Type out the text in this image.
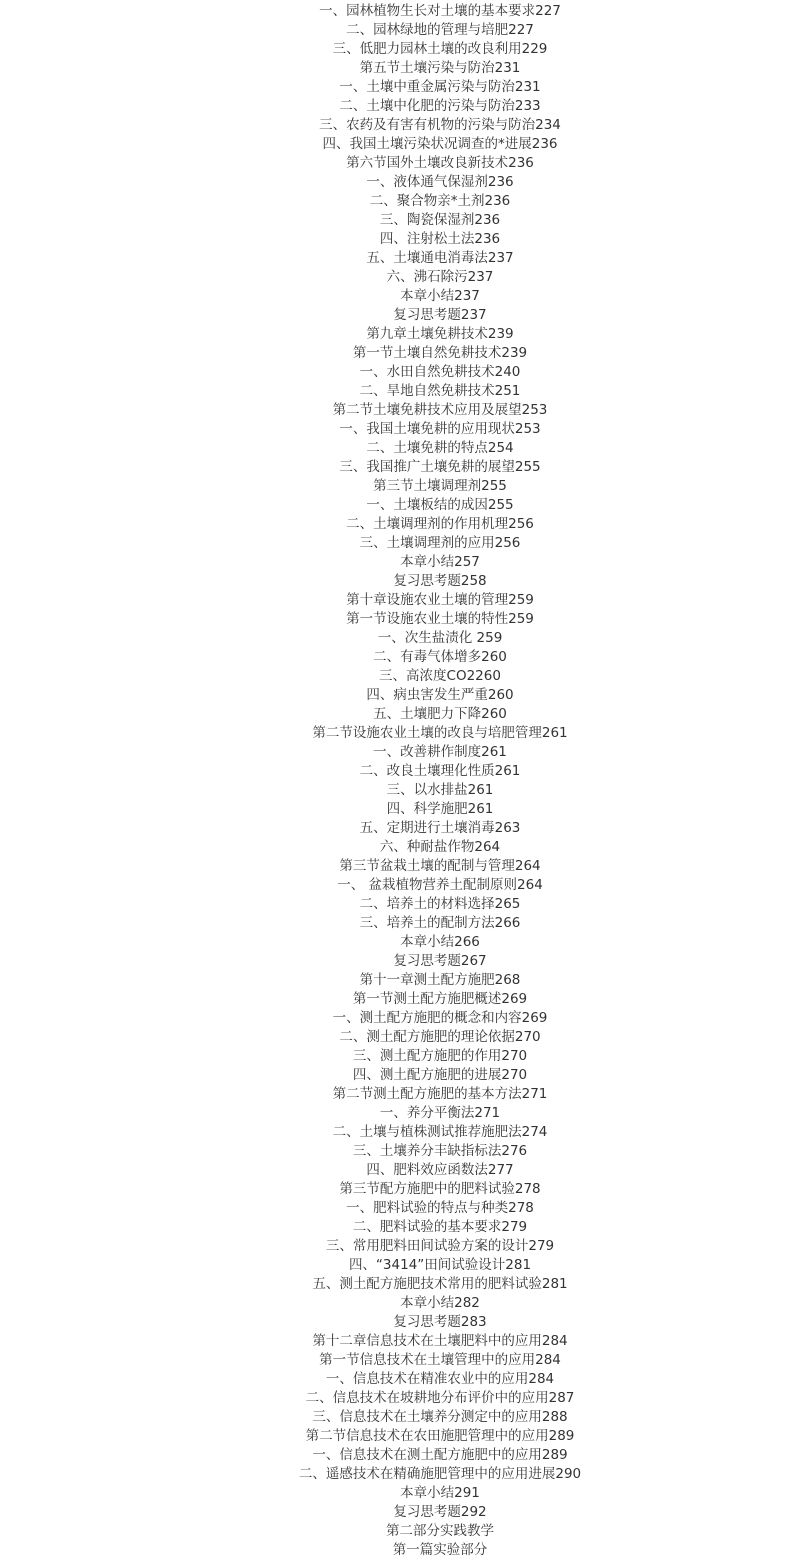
一、园林植物生长对土壤的基本要求227
二、园林绿地的管理与培肥227
三、低肥力园林土壤的改良利用229
第五节土壤污染与防治231
一、土壤中重金属污染与防治231
二、土壤中化肥的污染与防治233
三、农药及有害有机物的污染与防治234
四、我国土壤污染状况调查的*进展236
第六节国外土壤改良新技术236
一、液体通气保湿剂236
二、聚合物亲*土剂236
三、陶瓷保湿剂236
四、注射松土法236
五、土壤通电消毒法237
六、沸石除污237
本章小结237
复习思考题237
第九章土壤免耕技术239
第一节土壤自然免耕技术239
一、水田自然免耕技术240
二、旱地自然免耕技术251
第二节土壤免耕技术应用及展望253
一、我国土壤免耕的应用现状253
二、土壤免耕的特点254
三、我国推广土壤免耕的展望255
第三节土壤调理剂255
一、土壤板结的成因255
二、土壤调理剂的作用机理256
三、土壤调理剂的应用256
本章小结257
复习思考题258
第十章设施农业土壤的管理259
第一节设施农业土壤的特性259
一、次生盐渍化 259
二、有毒气体增多260
三、高浓度CO2260
四、病虫害发生严重260
五、土壤肥力下降260
第二节设施农业土壤的改良与培肥管理261
一、改善耕作制度261
二、改良土壤理化性质261
三、以水排盐261
四、科学施肥261
五、定期进行土壤消毒263
六、种耐盐作物264
第三节盆栽土壤的配制与管理264
一、 盆栽植物营养土配制原则264
二、培养土的材料选择265
三、培养土的配制方法266
本章小结266
复习思考题267
第十一章测土配方施肥268
第一节测土配方施肥概述269
一、测土配方施肥的概念和内容269
二、测土配方施肥的理论依据270
三、测土配方施肥的作用270
四、测土配方施肥的进展270
第二节测土配方施肥的基本方法271
一、养分平衡法271
二、土壤与植株测试推荐施肥法274
三、土壤养分丰缺指标法276
四、肥料效应函数法277
第三节配方施肥中的肥料试验278
一、肥料试验的特点与种类278
二、肥料试验的基本要求279
三、常用肥料田间试验方案的设计279
四、“3414”田间试验设计281
五、测土配方施肥技术常用的肥料试验281
本章小结282
复习思考题283
第十二章信息技术在土壤肥料中的应用284
第一节信息技术在土壤管理中的应用284
一、信息技术在精准农业中的应用284
二、信息技术在坡耕地分布评价中的应用287
三、信息技术在土壤养分测定中的应用288
第二节信息技术在农田施肥管理中的应用289
一、信息技术在测土配方施肥中的应用289
二、遥感技术在精确施肥管理中的应用进展290
本章小结291
复习思考题292
第二部分实践教学
第一篇实验部分
